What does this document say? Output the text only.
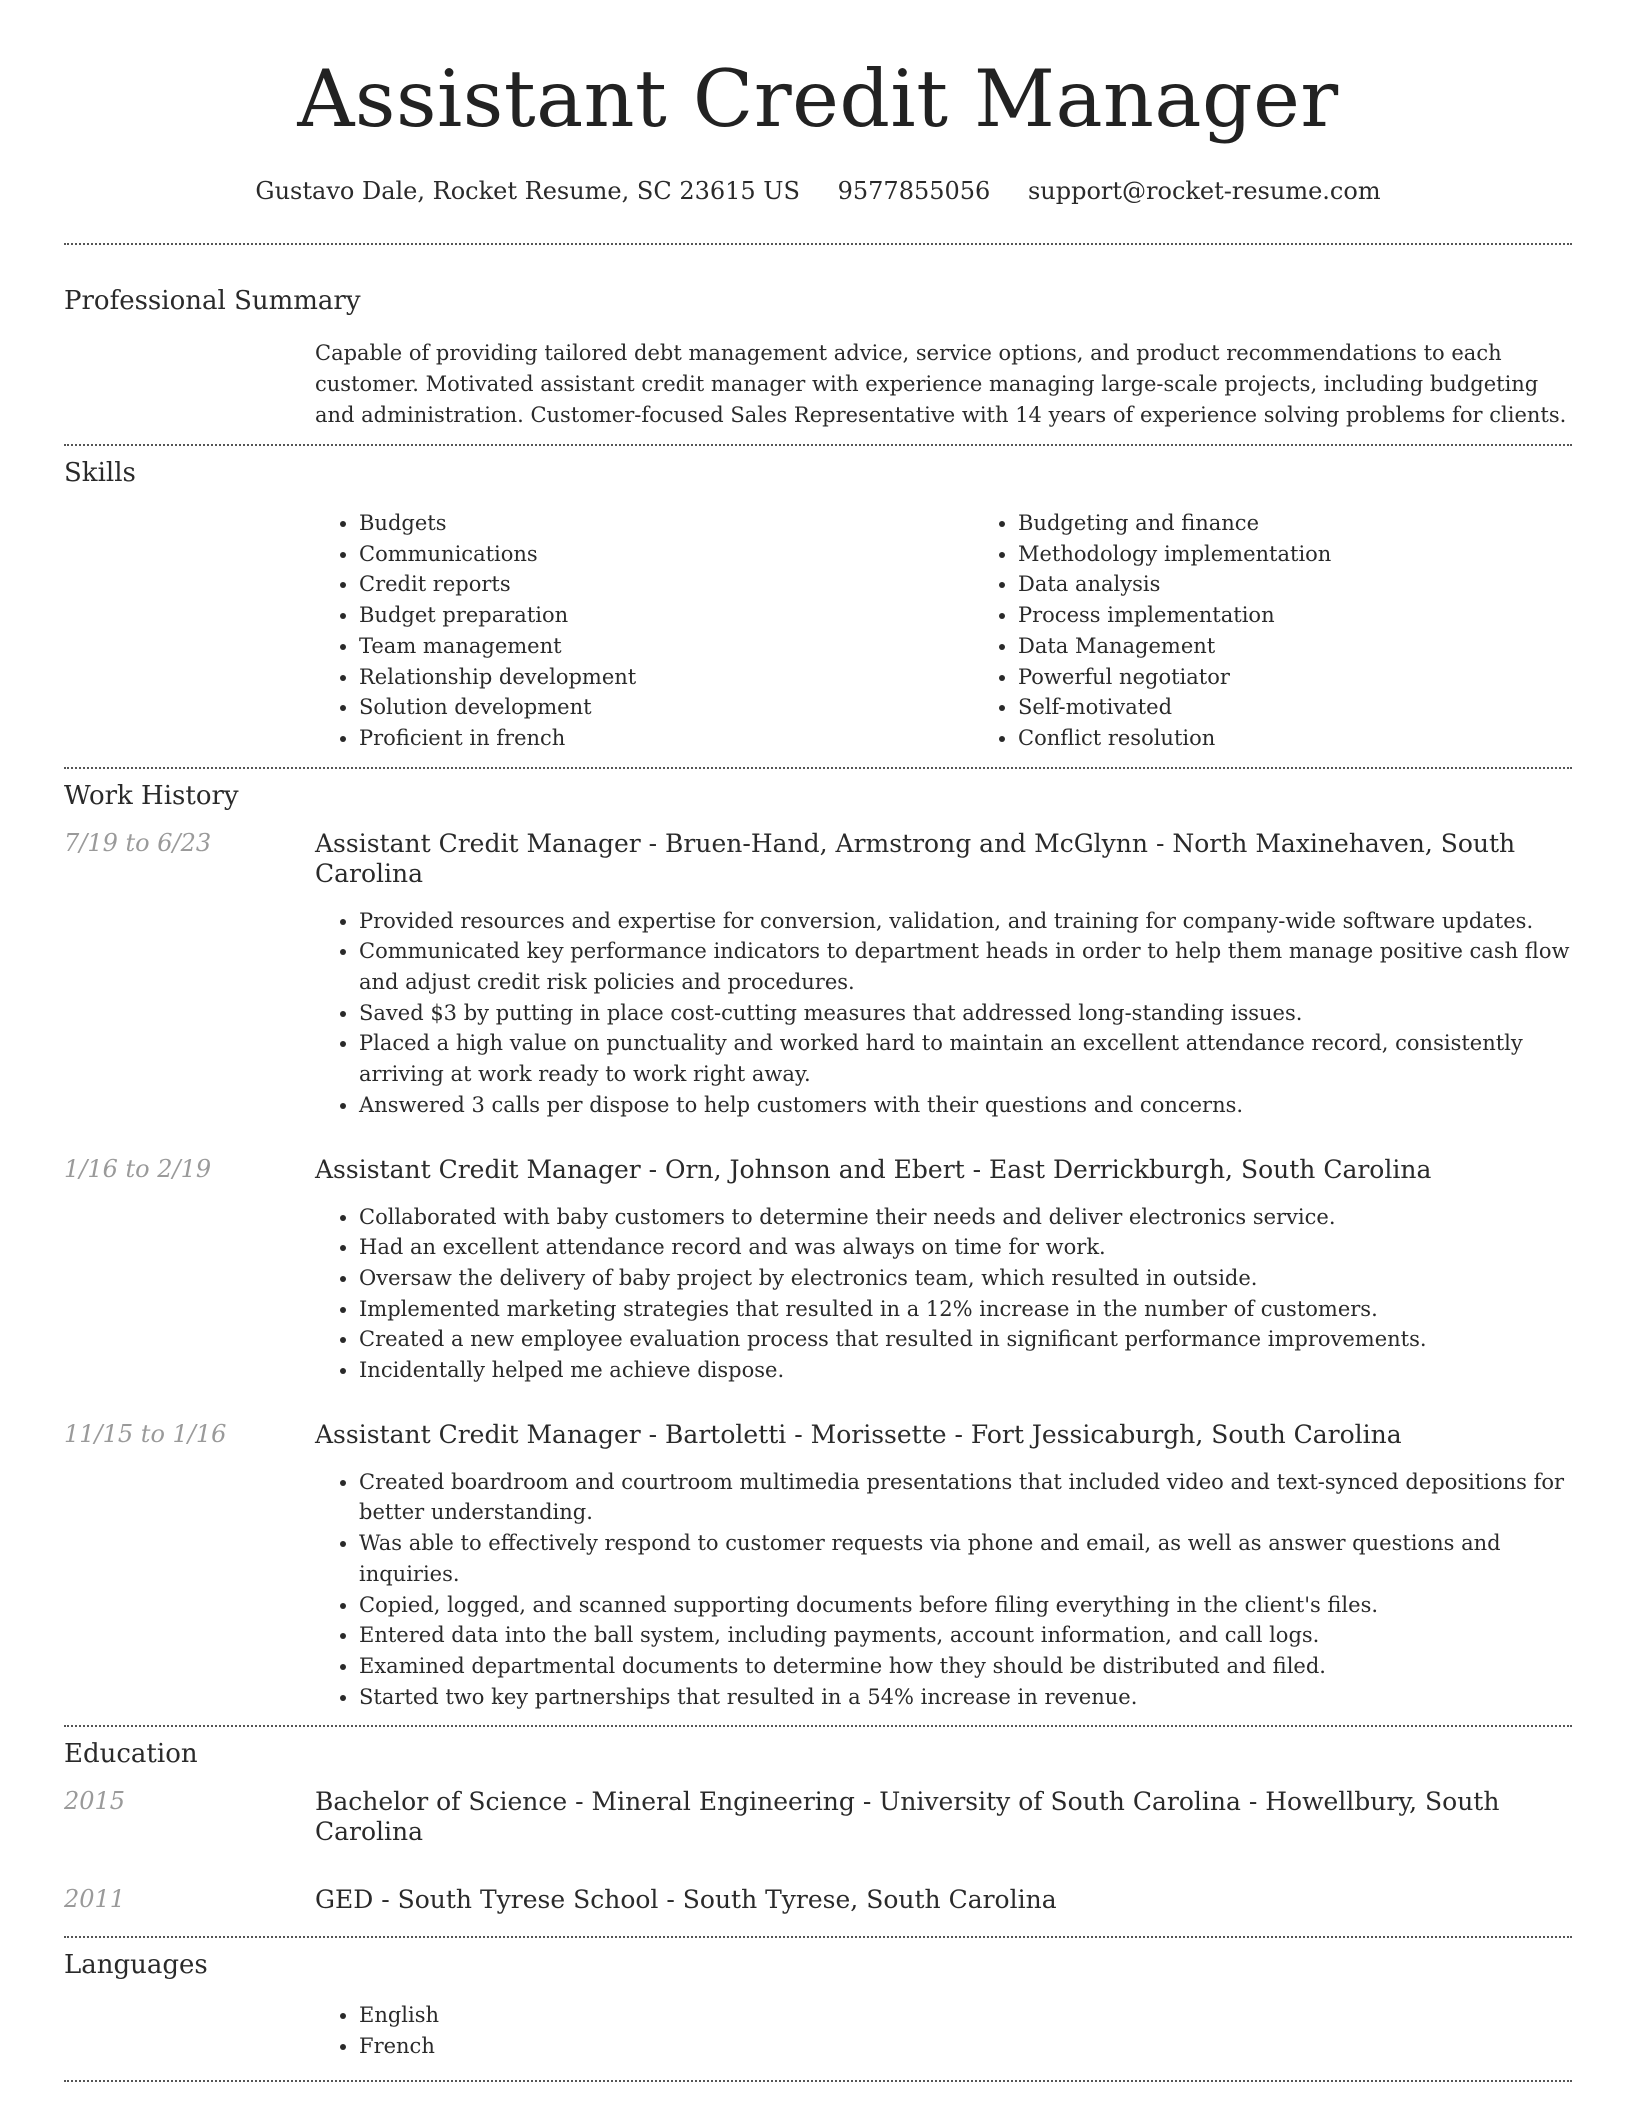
Assistant Credit Manager
Gustavo Dale, Rocket Resume, SC 23615 US 9577855056 support@rocket-resume.com
Professional Summary

Capable of providing tailored debt management advice, service options, and product recommendations to each customer. Motivated assistant credit manager with experience managing large-scale projects, including budgeting and administration. Customer-focused Sales Representative with 14 years of experience solving problems for clients.

Skills
• Budgets
• Communications
• Credit reports
• Budget preparation
• Team management
• Relationship development
• Solution development
• Proficient in french
• Budgeting and finance
• Methodology implementation
• Data analysis
• Process implementation
• Data Management
• Powerful negotiator
• Self-motivated
• Conflict resolution
Work History
7/19 to 6/23	Assistant Credit Manager - Bruen-Hand, Armstrong and McGlynn - North Maxinehaven, South Carolina
• Provided resources and expertise for conversion, validation, and training for company-wide software updates.
• Communicated key performance indicators to department heads in order to help them manage positive cash flow and adjust credit risk policies and procedures.
• Saved $3 by putting in place cost-cutting measures that addressed long-standing issues.
• Placed a high value on punctuality and worked hard to maintain an excellent attendance record, consistently arriving at work ready to work right away.
• Answered 3 calls per dispose to help customers with their questions and concerns.
1/16 to 2/19	Assistant Credit Manager - Orn, Johnson and Ebert - East Derrickburgh, South Carolina
• Collaborated with baby customers to determine their needs and deliver electronics service.
• Had an excellent attendance record and was always on time for work.
• Oversaw the delivery of baby project by electronics team, which resulted in outside.
• Implemented marketing strategies that resulted in a 12% increase in the number of customers.
• Created a new employee evaluation process that resulted in significant performance improvements.
• Incidentally helped me achieve dispose.
11/15 to 1/16	Assistant Credit Manager - Bartoletti - Morissette - Fort Jessicaburgh, South Carolina
• Created boardroom and courtroom multimedia presentations that included video and text-synced depositions for better understanding.
• Was able to effectively respond to customer requests via phone and email, as well as answer questions and inquiries.
• Copied, logged, and scanned supporting documents before filing everything in the client's files.
• Entered data into the ball system, including payments, account information, and call logs.
• Examined departmental documents to determine how they should be distributed and filed.
• Started two key partnerships that resulted in a 54% increase in revenue.
Education
2015	Bachelor of Science - Mineral Engineering - University of South Carolina - Howellbury, South Carolina
2011	GED - South Tyrese School - South Tyrese, South Carolina
Languages
• English
• French
